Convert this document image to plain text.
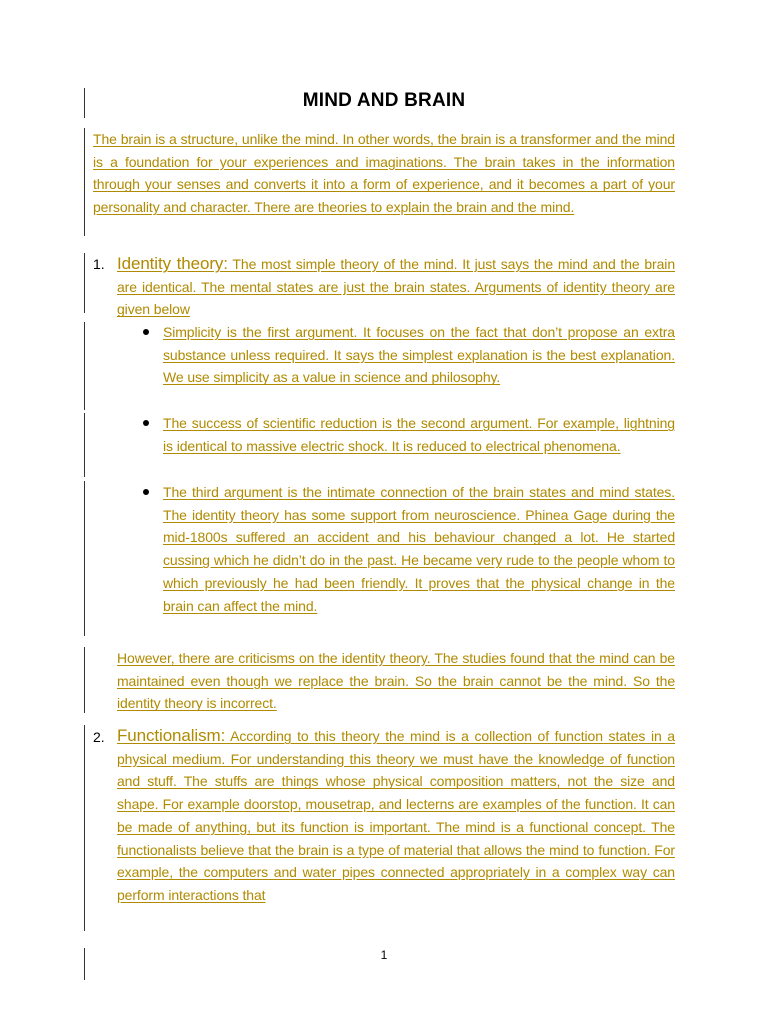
MIND AND BRAIN
The brain is a structure, unlike the mind. In other words, the brain is a transformer and the mind is a foundation for your experiences and imaginations. The brain takes in the information through your senses and converts it into a form of experience, and it becomes a part of your personality and character. There are theories to explain the brain and the mind.
1. Identity theory: The most simple theory of the mind. It just says the mind and the brain are identical. The mental states are just the brain states. Arguments of identity theory are given below
Simplicity is the first argument. It focuses on the fact that don’t propose an extra substance unless required. It says the simplest explanation is the best explanation. We use simplicity as a value in science and philosophy.
The success of scientific reduction is the second argument. For example, lightning is identical to massive electric shock. It is reduced to electrical phenomena.
The third argument is the intimate connection of the brain states and mind states. The identity theory has some support from neuroscience. Phinea Gage during the mid-1800s suffered an accident and his behaviour changed a lot. He started cussing which he didn’t do in the past. He became very rude to the people whom to which previously he had been friendly. It proves that the physical change in the brain can affect the mind.
However, there are criticisms on the identity theory. The studies found that the mind can be maintained even though we replace the brain. So the brain cannot be the mind. So the identity theory is incorrect.
2. Functionalism: According to this theory the mind is a collection of function states in a physical medium. For understanding this theory we must have the knowledge of function and stuff. The stuffs are things whose physical composition matters, not the size and shape. For example doorstop, mousetrap, and lecterns are examples of the function. It can be made of anything, but its function is important. The mind is a functional concept. The functionalists believe that the brain is a type of material that allows the mind to function. For example, the computers and water pipes connected appropriately in a complex way can perform interactions that
1
